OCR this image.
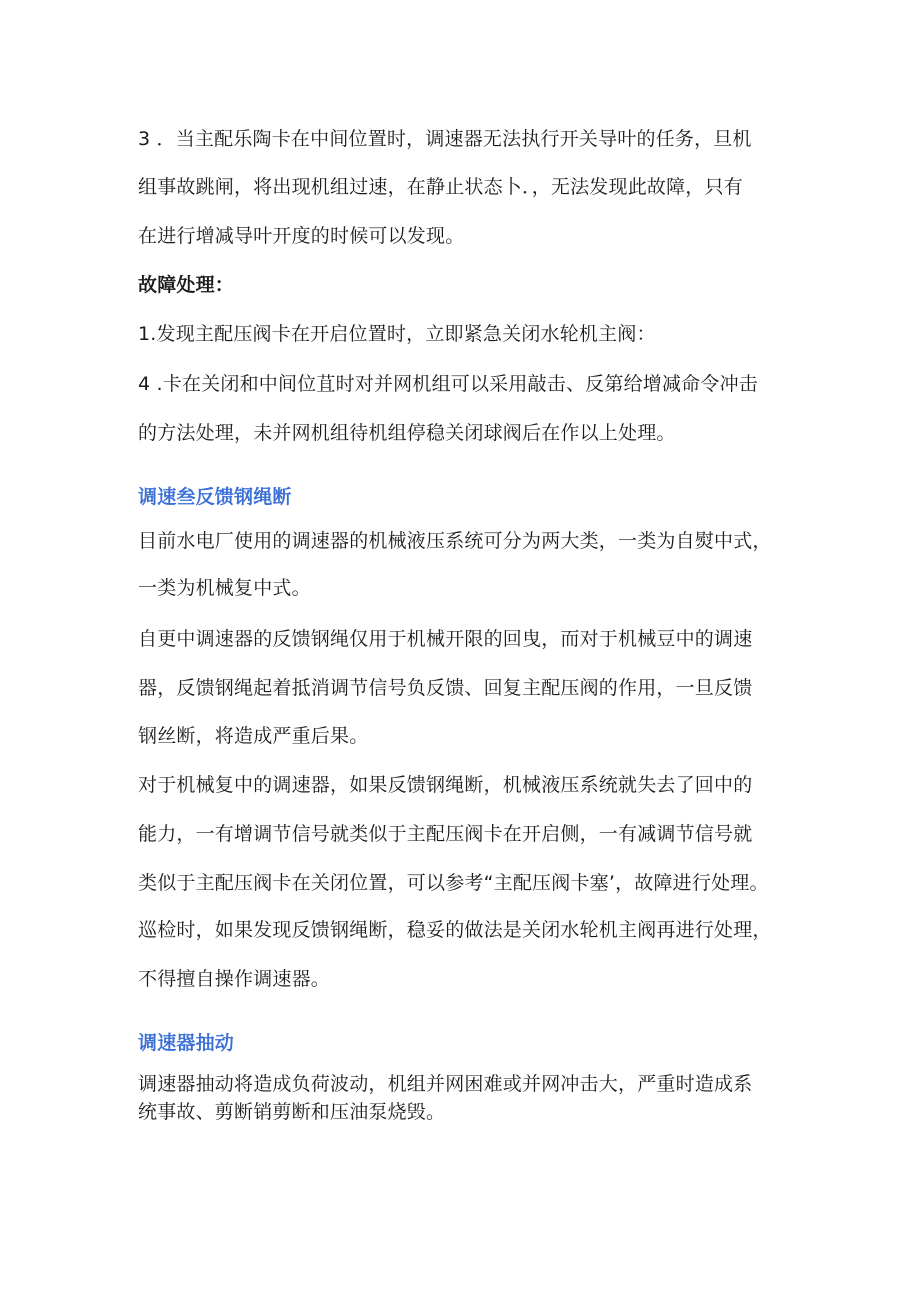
3 ．当主配乐陶卡在中间位置时，调速器无法执行开关导叶的任务，旦机
组事故跳闸，将出现机组过速，在静止状态卜．，无法发现此故障，只有
在进行增减导叶开度的时候可以发现。
故障处理：
1.发现主配压阀卡在开启位置时，立即紧急关闭水轮机主阀：
4 .卡在关闭和中间位苴时对并网机组可以采用敲击、反第给增减命令冲击
的方法处理，未并网机组待机组停稳关闭球阀后在作以上处理。
调速叁反馈钢绳断
目前水电厂使用的调速器的机械液压系统可分为两大类，一类为自熨中式，
一类为机械复中式。
自更中调速器的反馈钢绳仅用于机械开限的回曳，而对于机械豆中的调速
器，反馈钢绳起着抵消调节信号负反馈、回复主配压阀的作用，一旦反馈
钢丝断，将造成严重后果。
对于机械复中的调速器，如果反馈钢绳断，机械液压系统就失去了回中的
能力，一有增调节信号就类似于主配压阀卡在开启侧，一有减调节信号就
类似于主配压阀卡在关闭位置，可以参考“主配压阀卡塞’，故障进行处理。
巡检时，如果发现反馈钢绳断，稳妥的做法是关闭水轮机主阀再进行处理，
不得擅自操作调速器。
调速器抽动
调速器抽动将造成负荷波动，机组并网困难或并网冲击大，严重时造成系
统事故、剪断销剪断和压油泵烧毁。
